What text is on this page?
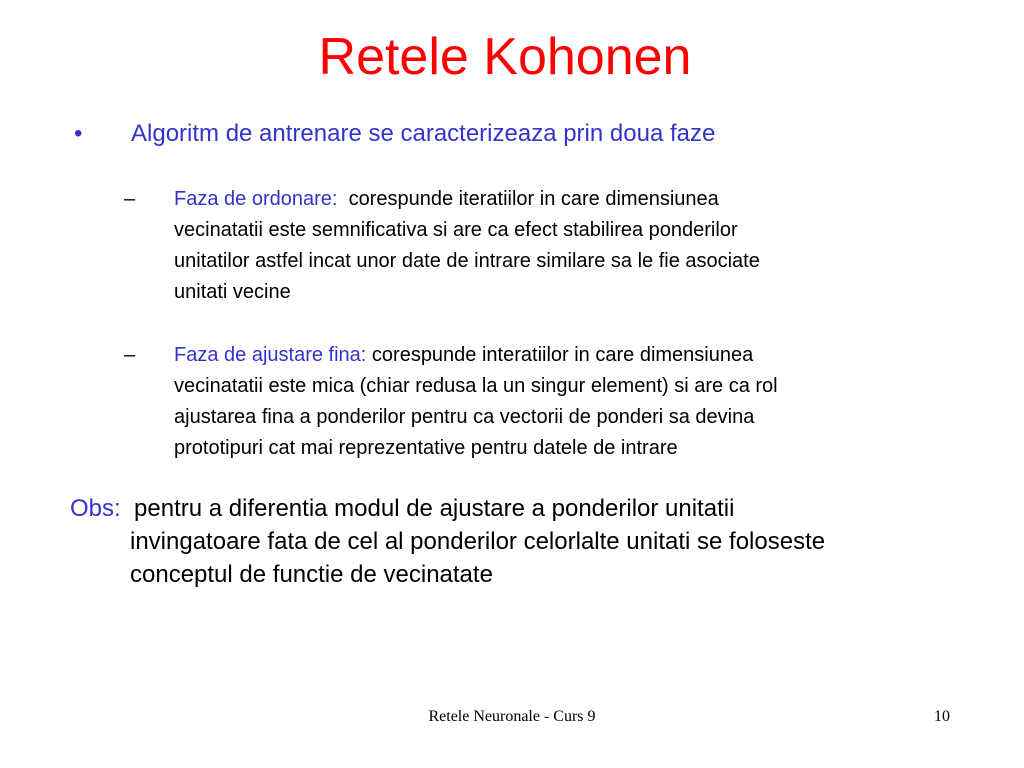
Retele Kohonen
• Algoritm de antrenare se caracterizeaza prin doua faze
– Faza de ordonare: corespunde iteratiilor in care dimensiunea
vecinatatii este semnificativa si are ca efect stabilirea ponderilor
unitatilor astfel incat unor date de intrare similare sa le fie asociate
unitati vecine
– Faza de ajustare fina: corespunde interatiilor in care dimensiunea
vecinatatii este mica (chiar redusa la un singur element) si are ca rol
ajustarea fina a ponderilor pentru ca vectorii de ponderi sa devina
prototipuri cat mai reprezentative pentru datele de intrare
Obs: pentru a diferentia modul de ajustare a ponderilor unitatii
invingatoare fata de cel al ponderilor celorlalte unitati se foloseste
conceptul de functie de vecinatate
Retele Neuronale - Curs 9	10
